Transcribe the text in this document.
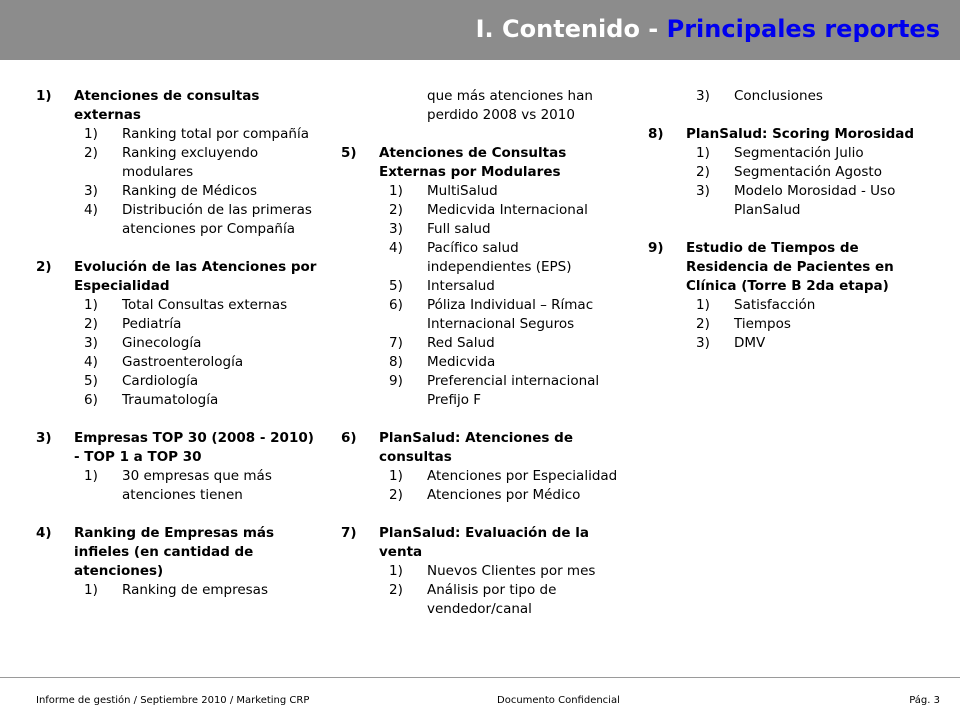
I. Contenido - Principales reportes
1)	Atenciones de consultas externas
1)	Ranking total por compañía
2)	Ranking excluyendo modulares
3)	Ranking de Médicos
4)	Distribución de las primeras atenciones por Compañía
2)	Evolución de las Atenciones por Especialidad
1)	Total Consultas externas
2)	Pediatría
3)	Ginecología
4)	Gastroenterología
5)	Cardiología
6)	Traumatología
3)	Empresas TOP 30 (2008 - 2010) - TOP 1 a TOP 30
1)	30 empresas que más atenciones tienen
4)	Ranking de Empresas más infieles (en cantidad de atenciones)
1)	Ranking de empresas
que más atenciones han perdido 2008 vs 2010
5)	Atenciones de Consultas Externas por Modulares
1)	MultiSalud
2)	Medicvida Internacional
3)	Full salud
4)	Pacífico salud independientes (EPS)
5)	Intersalud
6)	Póliza Individual – Rímac Internacional Seguros
7)	Red Salud
8)	Medicvida
9)	Preferencial internacional Prefijo F
6)	PlanSalud: Atenciones de consultas
1)	Atenciones por Especialidad
2)	Atenciones por Médico
7)	PlanSalud: Evaluación de la venta
1)	Nuevos Clientes por mes
2)	Análisis por tipo de vendedor/canal
3)	Conclusiones
8)	PlanSalud: Scoring Morosidad
1)	Segmentación Julio
2)	Segmentación Agosto
3)	Modelo Morosidad - Uso PlanSalud
9)	Estudio de Tiempos de Residencia de Pacientes en Clínica (Torre B 2da etapa)
1)	Satisfacción
2)	Tiempos
3)	DMV
Informe de gestión / Septiembre 2010 / Marketing CRP	Documento Confidencial	Pág. 3
